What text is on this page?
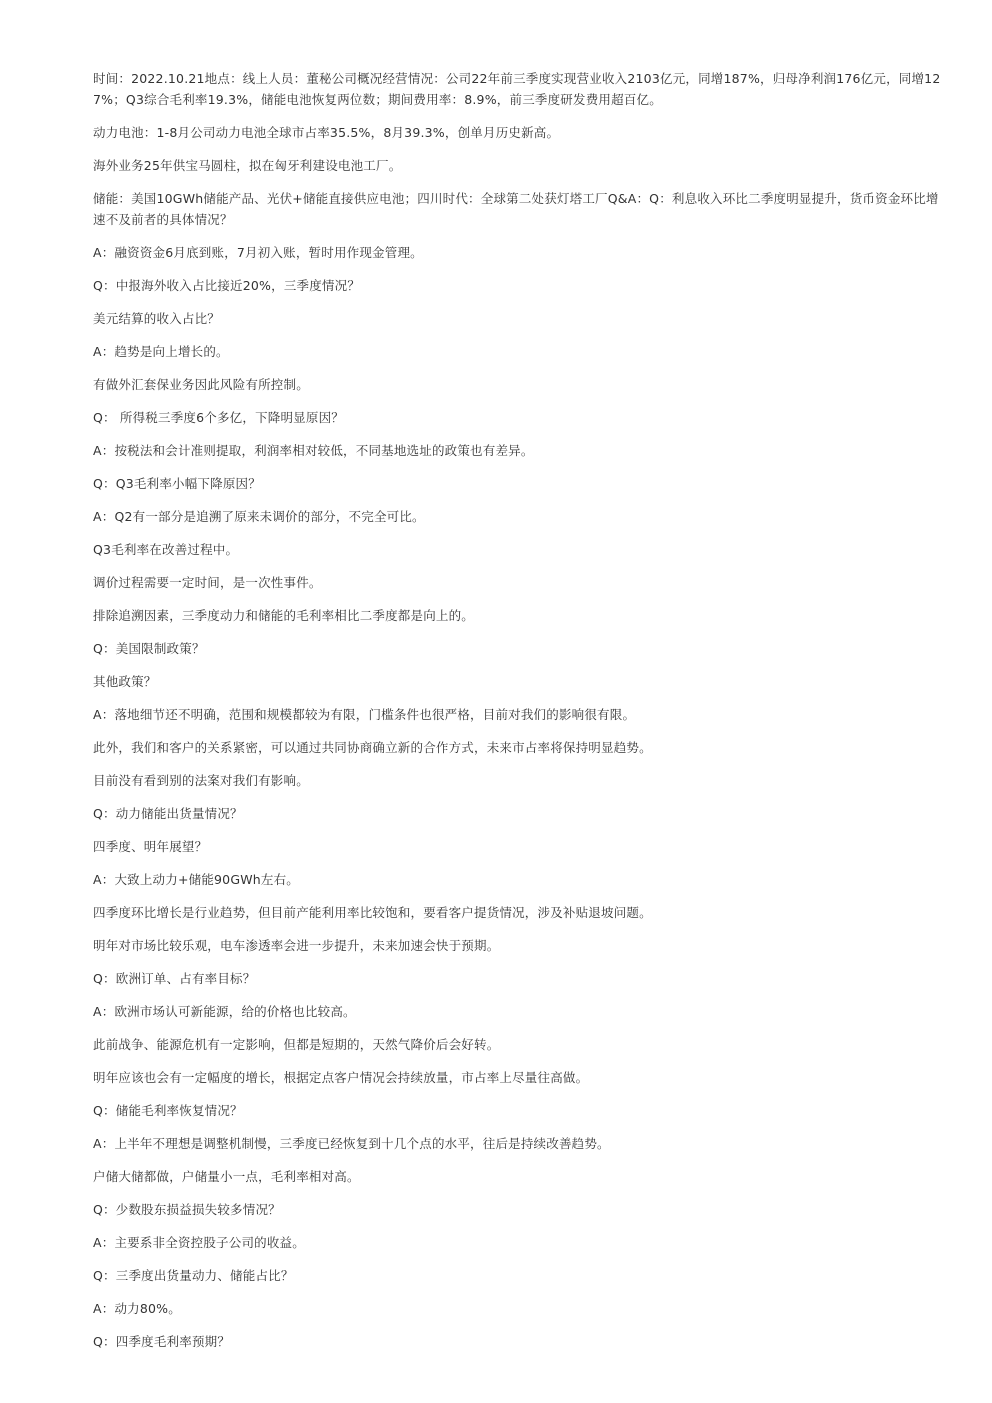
时间：2022.10.21地点：线上人员：董秘公司概况经营情况：公司22年前三季度实现营业收入2103亿元，同增187%，归母净利润176亿元，同增127%；Q3综合毛利率19.3%，储能电池恢复两位数；期间费用率：8.9%，前三季度研发费用超百亿。

动力电池：1-8月公司动力电池全球市占率35.5%，8月39.3%，创单月历史新高。

海外业务25年供宝马圆柱，拟在匈牙利建设电池工厂。

储能：美国10GWh储能产品、光伏+储能直接供应电池；四川时代：全球第二处获灯塔工厂Q&A：Q：利息收入环比二季度明显提升，货币资金环比增速不及前者的具体情况？

A：融资资金6月底到账，7月初入账，暂时用作现金管理。

Q：中报海外收入占比接近20%，三季度情况？

美元结算的收入占比？

A：趋势是向上增长的。

有做外汇套保业务因此风险有所控制。

Q： 所得税三季度6个多亿，下降明显原因？

A：按税法和会计准则提取，利润率相对较低，不同基地选址的政策也有差异。

Q：Q3毛利率小幅下降原因？

A：Q2有一部分是追溯了原来未调价的部分，不完全可比。

Q3毛利率在改善过程中。

调价过程需要一定时间，是一次性事件。

排除追溯因素，三季度动力和储能的毛利率相比二季度都是向上的。

Q：美国限制政策？

其他政策？

A：落地细节还不明确，范围和规模都较为有限，门槛条件也很严格，目前对我们的影响很有限。

此外，我们和客户的关系紧密，可以通过共同协商确立新的合作方式，未来市占率将保持明显趋势。

目前没有看到别的法案对我们有影响。

Q：动力储能出货量情况？

四季度、明年展望？

A：大致上动力+储能90GWh左右。

四季度环比增长是行业趋势，但目前产能利用率比较饱和，要看客户提货情况，涉及补贴退坡问题。

明年对市场比较乐观，电车渗透率会进一步提升，未来加速会快于预期。

Q：欧洲订单、占有率目标？

A：欧洲市场认可新能源，给的价格也比较高。

此前战争、能源危机有一定影响，但都是短期的，天然气降价后会好转。

明年应该也会有一定幅度的增长，根据定点客户情况会持续放量，市占率上尽量往高做。

Q：储能毛利率恢复情况？

A：上半年不理想是调整机制慢，三季度已经恢复到十几个点的水平，往后是持续改善趋势。

户储大储都做，户储量小一点，毛利率相对高。

Q：少数股东损益损失较多情况？

A：主要系非全资控股子公司的收益。

Q：三季度出货量动力、储能占比？

A：动力80%。

Q：四季度毛利率预期？
